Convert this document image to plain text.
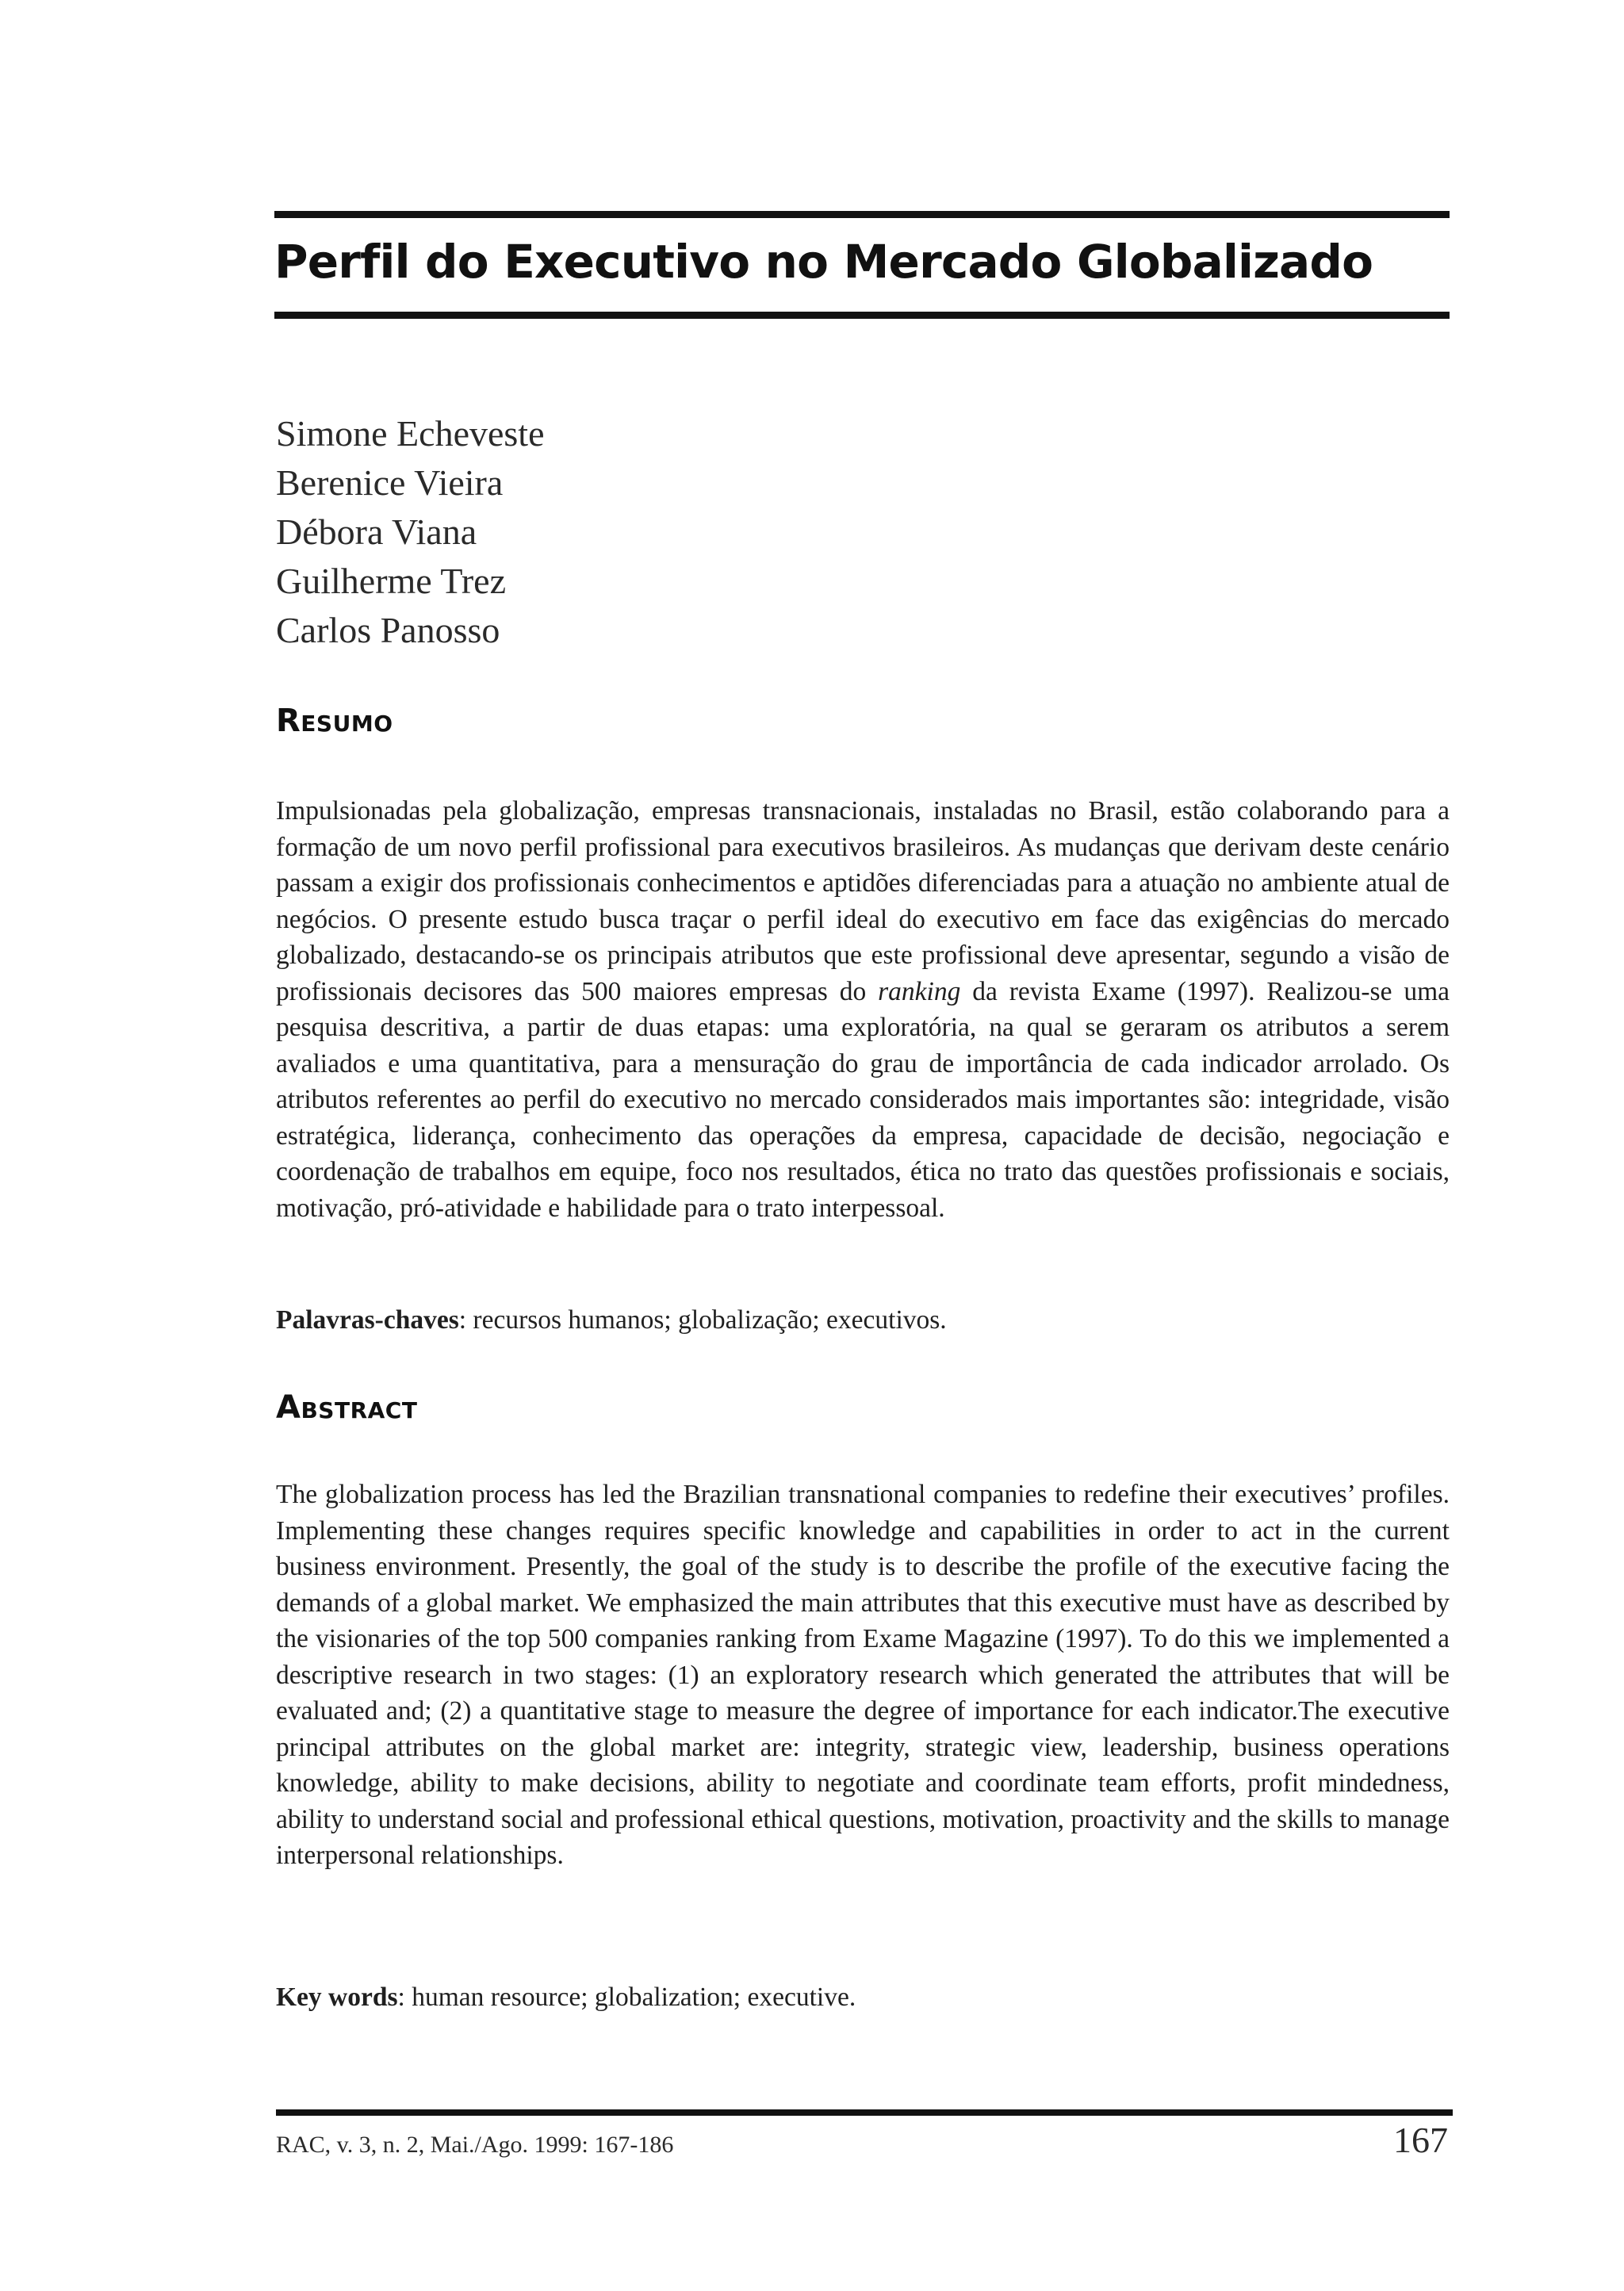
Perfil do Executivo no Mercado Globalizado
Simone Echeveste
Berenice Vieira
Débora Viana
Guilherme Trez
Carlos Panosso
Resumo

Impulsionadas pela globalização, empresas transnacionais, instaladas no Brasil, estão colaborando para a formação de um novo perfil profissional para executivos brasileiros. As mudanças que derivam deste cenário passam a exigir dos profissionais conhecimentos e aptidões diferenciadas para a atuação no ambiente atual de negócios. O presente estudo busca traçar o perfil ideal do executivo em face das exigências do mercado globalizado, destacando-se os principais atributos que este profissional deve apresentar, segundo a visão de profissionais decisores das 500 maiores empresas do ranking da revista Exame (1997). Realizou-se uma pesquisa descritiva, a partir de duas etapas: uma exploratória, na qual se geraram os atributos a serem avaliados e uma quantitativa, para a mensuração do grau de importância de cada indicador arrolado. Os atributos referentes ao perfil do executivo no mercado considerados mais importantes são: integridade, visão estratégica, liderança, conhecimento das operações da empresa, capacidade de decisão, negociação e coordenação de trabalhos em equipe, foco nos resultados, ética no trato das questões profissionais e sociais, motivação, pró-atividade e habilidade para o trato interpessoal.

Palavras-chaves: recursos humanos; globalização; executivos.

Abstract

The globalization process has led the Brazilian transnational companies to redefine their executives’ profiles. Implementing these changes requires specific knowledge and capabilities in order to act in the current business environment. Presently, the goal of the study is to describe the profile of the executive facing the demands of a global market. We emphasized the main attributes that this executive must have as described by the visionaries of the top 500 companies ranking from Exame Magazine (1997). To do this we implemented a descriptive research in two stages: (1) an exploratory research which generated the attributes that will be evaluated and; (2) a quantitative stage to measure the degree of importance for each indicator.The executive principal attributes on the global market are: integrity, strategic view, leadership, business operations knowledge, ability to make decisions, ability to negotiate and coordinate team efforts, profit mindedness, ability to understand social and professional ethical questions, motivation, proactivity and the skills to manage interpersonal relationships.

Key words: human resource; globalization; executive.

RAC, v. 3, n. 2, Mai./Ago. 1999: 167-186	167
